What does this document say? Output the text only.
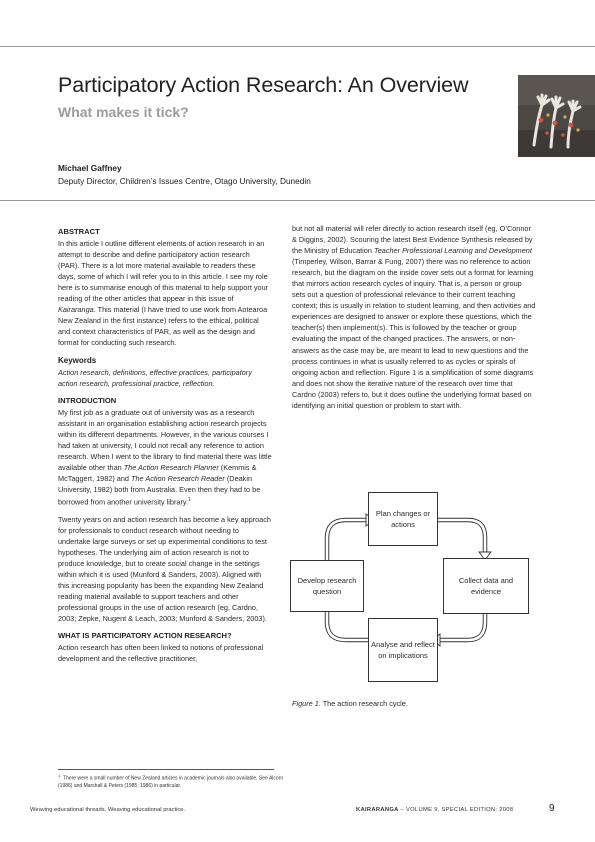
Participatory Action Research: An Overview
What makes it tick?
Michael Gaffney
Deputy Director, Children’s Issues Centre, Otago University, Dunedin
ABSTRACT

In this article I outline different elements of action research in an attempt to describe and define participatory action research (PAR). There is a lot more material available to readers these days, some of which I will refer you to in this article. I see my role here is to summarise enough of this material to help support your reading of the other articles that appear in this issue of Kairaranga. This material (I have tried to use work from Aotearoa New Zealand in the first instance) refers to the ethical, political and context characteristics of PAR, as well as the design and format for conducting such research.

Keywords

Action research, definitions, effective practices, participatory action research, professional practice, reflection.

INTRODUCTION

My first job as a graduate out of university was as a research assistant in an organisation establishing action research projects within its different departments. However, in the various courses I had taken at university, I could not recall any reference to action research. When I went to the library to find material there was little available other than The Action Research Planner (Kemmis & McTaggert, 1982) and The Action Research Reader (Deakin University, 1982) both from Australia. Even then they had to be borrowed from another university library.$^1$

Twenty years on and action research has become a key approach for professionals to conduct research without needing to undertake large surveys or set up experimental conditions to test hypotheses. The underlying aim of action research is not to produce knowledge, but to create social change in the settings within which it is used (Munford & Sanders, 2003). Aligned with this increasing popularity has been the expanding New Zealand reading material available to support teachers and other professional groups in the use of action research (eg, Cardno, 2003; Zepke, Nugent & Leach, 2003; Munford & Sanders, 2003).

WHAT IS PARTICIPATORY ACTION RESEARCH?

Action research has often been linked to notions of professional development and the reflective practitioner,

but not all material will refer directly to action research itself (eg, O’Connor & Diggins, 2002). Scouring the latest Best Evidence Synthesis released by the Ministry of Education Teacher Professional Learning and Development (Timperley, Wilson, Barrar & Fung, 2007) there was no reference to action research, but the diagram on the inside cover sets out a format for learning that mirrors action research cycles of inquiry. That is, a person or group sets out a question of professional relevance to their current teaching context; this is usually in relation to student learning, and then activities and experiences are designed to answer or explore these questions, which the teacher(s) then implement(s). This is followed by the teacher or group evaluating the impact of the changed practices. The answers, or non-answers as the case may be, are meant to lead to new questions and the process continues in what is usually referred to as cycles or spirals of ongoing action and reflection. Figure 1 is a simplification of some diagrams and does not show the iterative nature of the research over time that Cardno (2003) refers to, but it does outline the underlying format based on identifying an initial question or problem to start with.

Plan changes or actions
Collect data and evidence
Analyse and reflect on implications
Develop research question
Figure 1. The action research cycle.
$^1$  There were a small number of New Zealand articles in academic journals also available. See Alcorn (1986) and Marshall & Peters (1985; 1986) in particular.
Weaving educational threads. Weaving educational practice.	KAIRARANGA – VOLUME 9, SPECIAL EDITION: 2008	9
